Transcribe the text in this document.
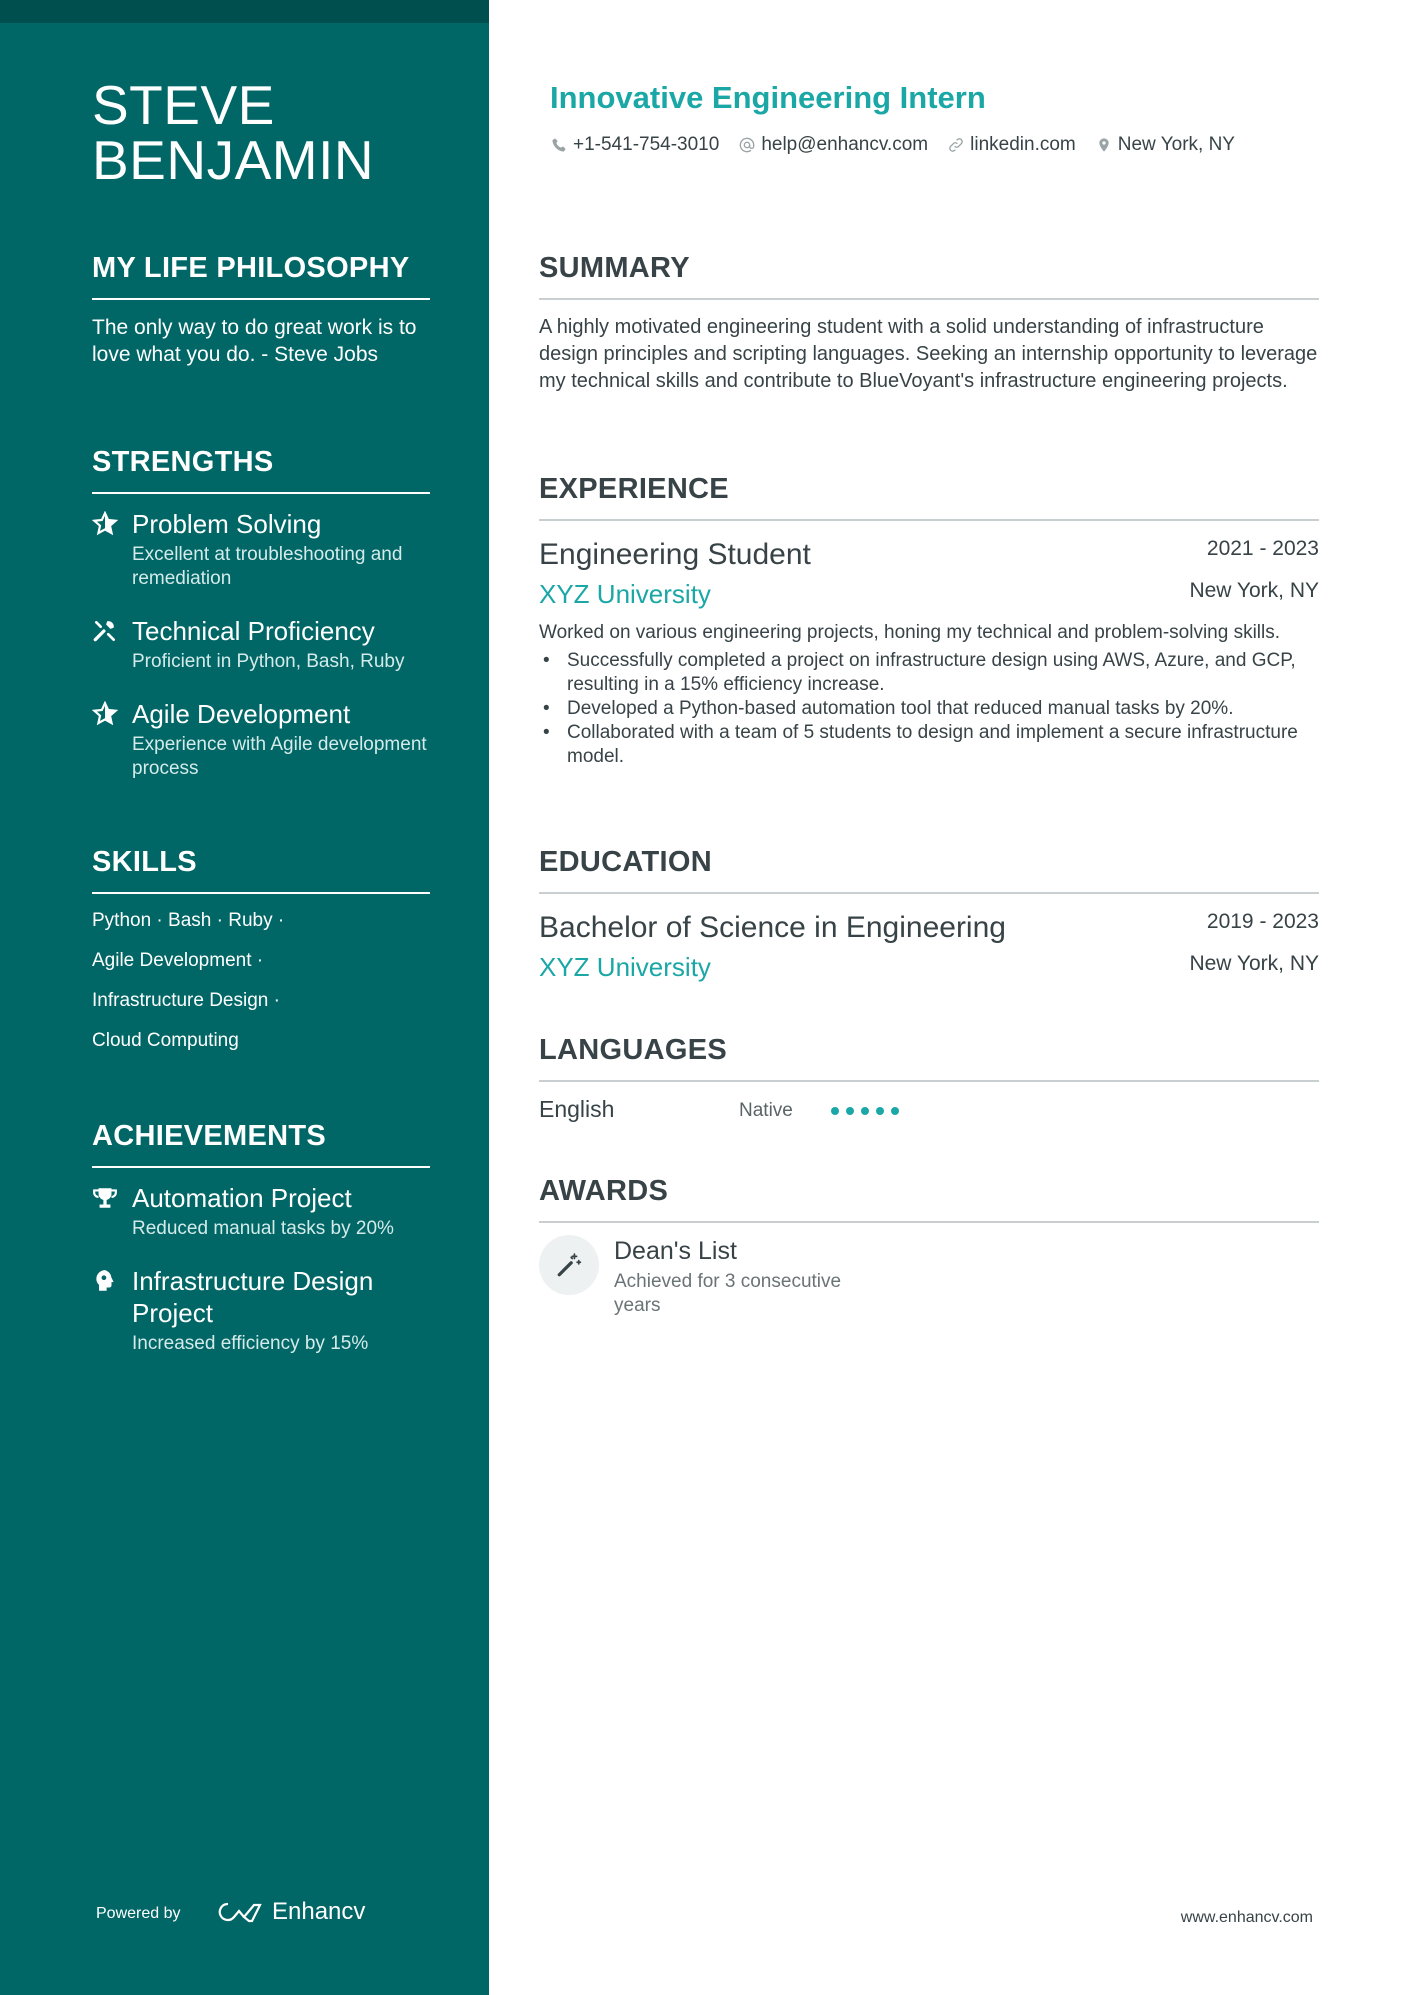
STEVE
BENJAMIN
MY LIFE PHILOSOPHY

The only way to do great work is to love what you do. - Steve Jobs

STRENGTHS
Problem Solving
Excellent at troubleshooting and remediation
Technical Proficiency
Proficient in Python, Bash, Ruby
Agile Development
Experience with Agile development process
SKILLS
Python · Bash · Ruby ·
Agile Development ·
Infrastructure Design ·
Cloud Computing
ACHIEVEMENTS
Automation Project
Reduced manual tasks by 20%
Infrastructure Design Project
Increased efficiency by 15%
Powered by	Enhancv
Innovative Engineering Intern
+1-541-754-3010 help@enhancv.com linkedin.com New York, NY
SUMMARY

A highly motivated engineering student with a solid understanding of infrastructure design principles and scripting languages. Seeking an internship opportunity to leverage my technical skills and contribute to BlueVoyant's infrastructure engineering projects.

EXPERIENCE
Engineering Student	2021 - 2023
XYZ University	New York, NY

Worked on various engineering projects, honing my technical and problem-solving skills.

• Successfully completed a project on infrastructure design using AWS, Azure, and GCP, resulting in a 15% efficiency increase.
• Developed a Python-based automation tool that reduced manual tasks by 20%.
• Collaborated with a team of 5 students to design and implement a secure infrastructure model.
EDUCATION
Bachelor of Science in Engineering	2019 - 2023
XYZ University	New York, NY
LANGUAGES
English	Native
AWARDS
Dean's List
Achieved for 3 consecutive years
www.enhancv.com
